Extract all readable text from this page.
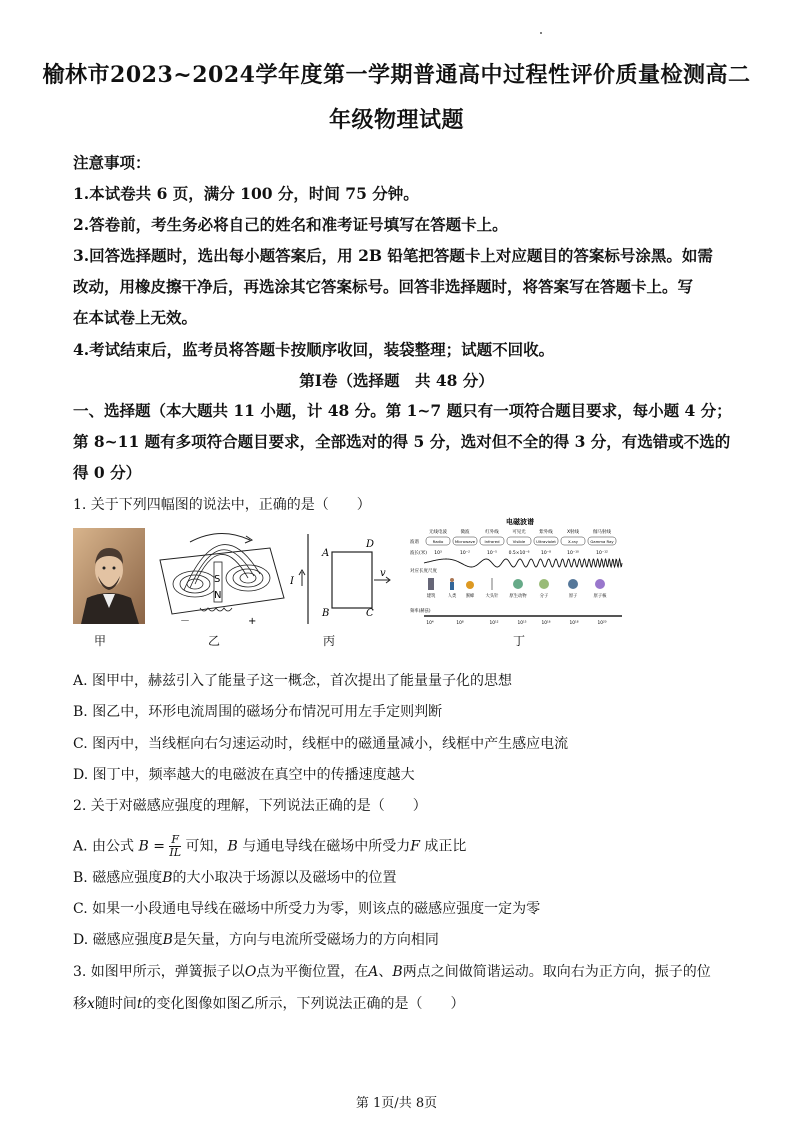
榆林市2023~2024学年度第一学期普通高中过程性评价质量检测高二
年级物理试题
注意事项：
1.本试卷共 6 页，满分 100 分，时间 75 分钟。
2.答卷前，考生务必将自己的姓名和准考证号填写在答题卡上。
3.回答选择题时，选出每小题答案后，用 2B 铅笔把答题卡上对应题目的答案标号涂黑。如需
改动，用橡皮擦干净后，再选涂其它答案标号。回答非选择题时，将答案写在答题卡上。写
在本试卷上无效。
4.考试结束后，监考员将答题卡按顺序收回，装袋整理；试题不回收。
第Ⅰ卷（选择题　共 48 分）
一、选择题（本大题共 11 小题，计 48 分。第 1~7 题只有一项符合题目要求，每小题 4 分；
第 8~11 题有多项符合题目要求，全部选对的得 5 分，选对但不全的得 3 分，有选错或不选的
得 0 分）
1. 关于下列四幅图的说法中，正确的是（　　）
甲
S
N
－	+
乙
I
A
D
B	C
v
丙
电磁波谱
无线电波	微波	红外线	可见光	紫外线	X射线	伽马射线
Radio	Microwave Infrared	Visible	Ultraviolet	X-ray	Gamma Ray
波谱
波长(米) 10³	10⁻²	10⁻⁵	0.5×10⁻⁶	10⁻⁸	10⁻¹⁰	10⁻¹²
对应长度尺度
建筑	人类 蜜蜂	大头针	原生动物	分子	原子	原子核
频率(赫兹)
10⁴	10⁸	10¹²	10¹⁵	10¹⁶	10¹⁸	10²⁰
丁
A. 图甲中，赫兹引入了能量子这一概念，首次提出了能量量子化的思想
B. 图乙中，环形电流周围的磁场分布情况可用左手定则判断
C. 图丙中，当线框向右匀速运动时，线框中的磁通量减小，线框中产生感应电流
D. 图丁中，频率越大的电磁波在真空中的传播速度越大
2. 关于对磁感应强度的理解，下列说法正确的是（　　）
A. 由公式 $B = \frac{F}{IL}$ 可知，B 与通电导线在磁场中所受力F 成正比
B. 磁感应强度B的大小取决于场源以及磁场中的位置
C. 如果一小段通电导线在磁场中所受力为零，则该点的磁感应强度一定为零
D. 磁感应强度B是矢量，方向与电流所受磁场力的方向相同
3. 如图甲所示，弹簧振子以O点为平衡位置，在A、B两点之间做简谐运动。取向右为正方向，振子的位
移x随时间t的变化图像如图乙所示，下列说法正确的是（　　）
第 1页/共 8页
